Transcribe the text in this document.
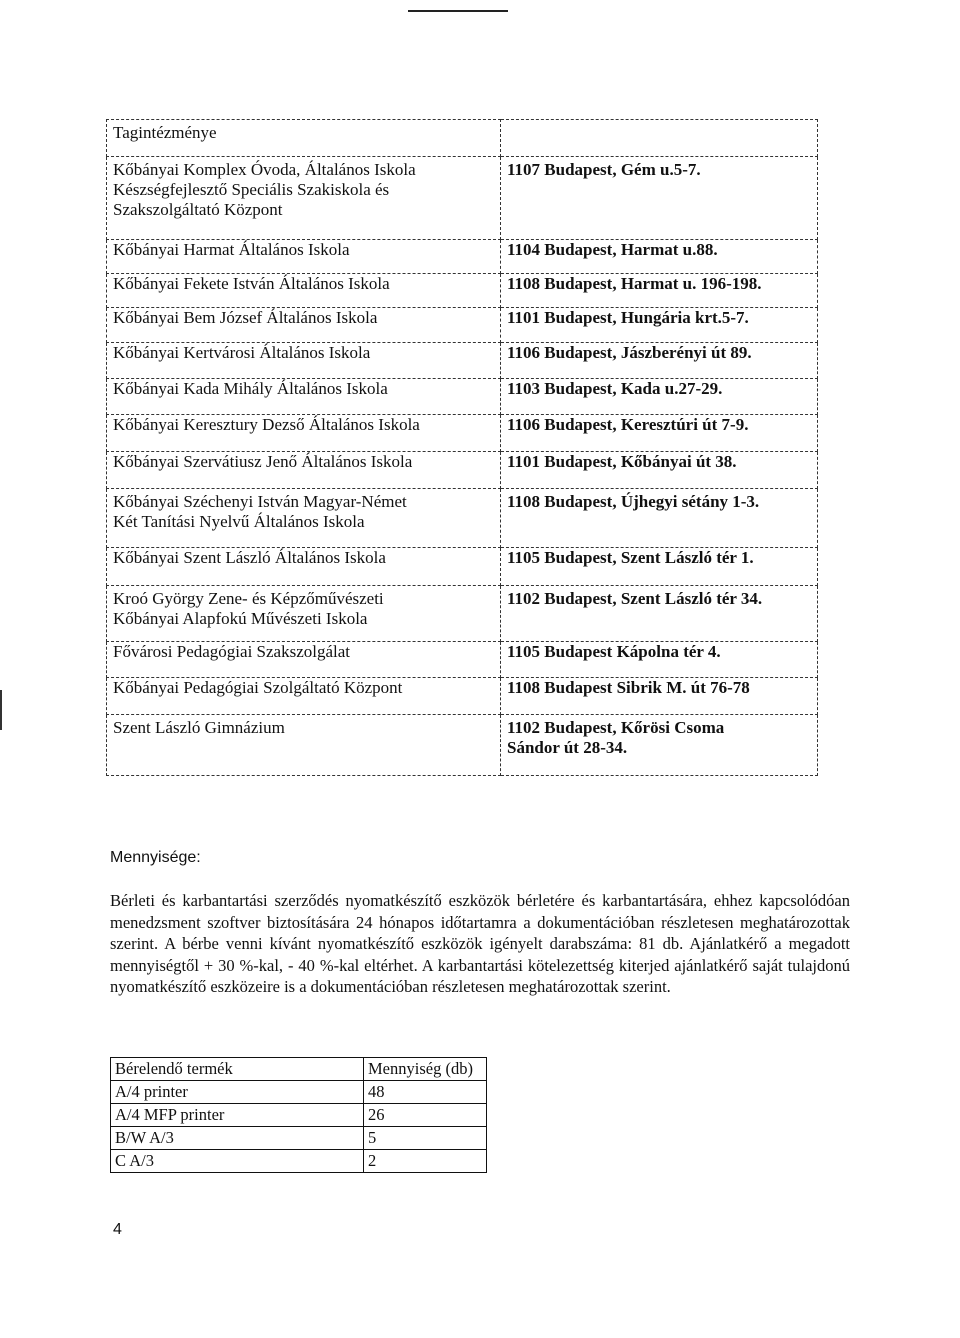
Tagintézménye	

Kőbányai Komplex Óvoda, Általános Iskola
Készségfejlesztő Speciális Szakiskola és
Szakszolgáltató Központ	1107 Budapest, Gém u.5-7.

Kőbányai Harmat Általános Iskola	1104 Budapest, Harmat u.88.

Kőbányai Fekete István Általános Iskola	1108 Budapest, Harmat u. 196-198.

Kőbányai Bem József Általános Iskola	1101 Budapest, Hungária krt.5-7.

Kőbányai Kertvárosi Általános Iskola	1106 Budapest, Jászberényi út 89.

Kőbányai Kada Mihály Általános Iskola	1103 Budapest, Kada u.27-29.

Kőbányai Keresztury Dezső Általános Iskola	1106 Budapest, Keresztúri út 7-9.

Kőbányai Szervátiusz Jenő Általános Iskola	1101 Budapest, Kőbányai út 38.

Kőbányai Széchenyi István Magyar-Német
Két Tanítási Nyelvű Általános Iskola	1108 Budapest, Újhegyi sétány 1-3.

Kőbányai Szent László Általános Iskola	1105 Budapest, Szent László tér 1.

Kroó György Zene- és Képzőművészeti
Kőbányai Alapfokú Művészeti Iskola	1102 Budapest, Szent László tér 34.

Fővárosi Pedagógiai Szakszolgálat	1105 Budapest Kápolna tér 4.

Kőbányai Pedagógiai Szolgáltató Központ	1108 Budapest Sibrik M. út 76-78

Szent László Gimnázium	1102 Budapest, Kőrösi Csoma
Sándor út 28-34.
Mennyisége:

Bérleti és karbantartási szerződés nyomatkészítő eszközök bérletére és karbantartására, ehhez kapcsolódóan menedzsment szoftver biztosítására 24 hónapos időtartamra a dokumentációban részletesen meghatározottak szerint. A bérbe venni kívánt nyomatkészítő eszközök igényelt darabszáma: 81 db. Ajánlatkérő a megadott mennyiségtől + 30 %-kal, - 40 %-kal eltérhet. A karbantartási kötelezettség kiterjed ajánlatkérő saját tulajdonú nyomatkészítő eszközeire is a dokumentációban részletesen meghatározottak szerint.

Bérelendő termék	Mennyiség (db)
A/4 printer	48
A/4 MFP printer	26
B/W A/3	5
C A/3	2
4
